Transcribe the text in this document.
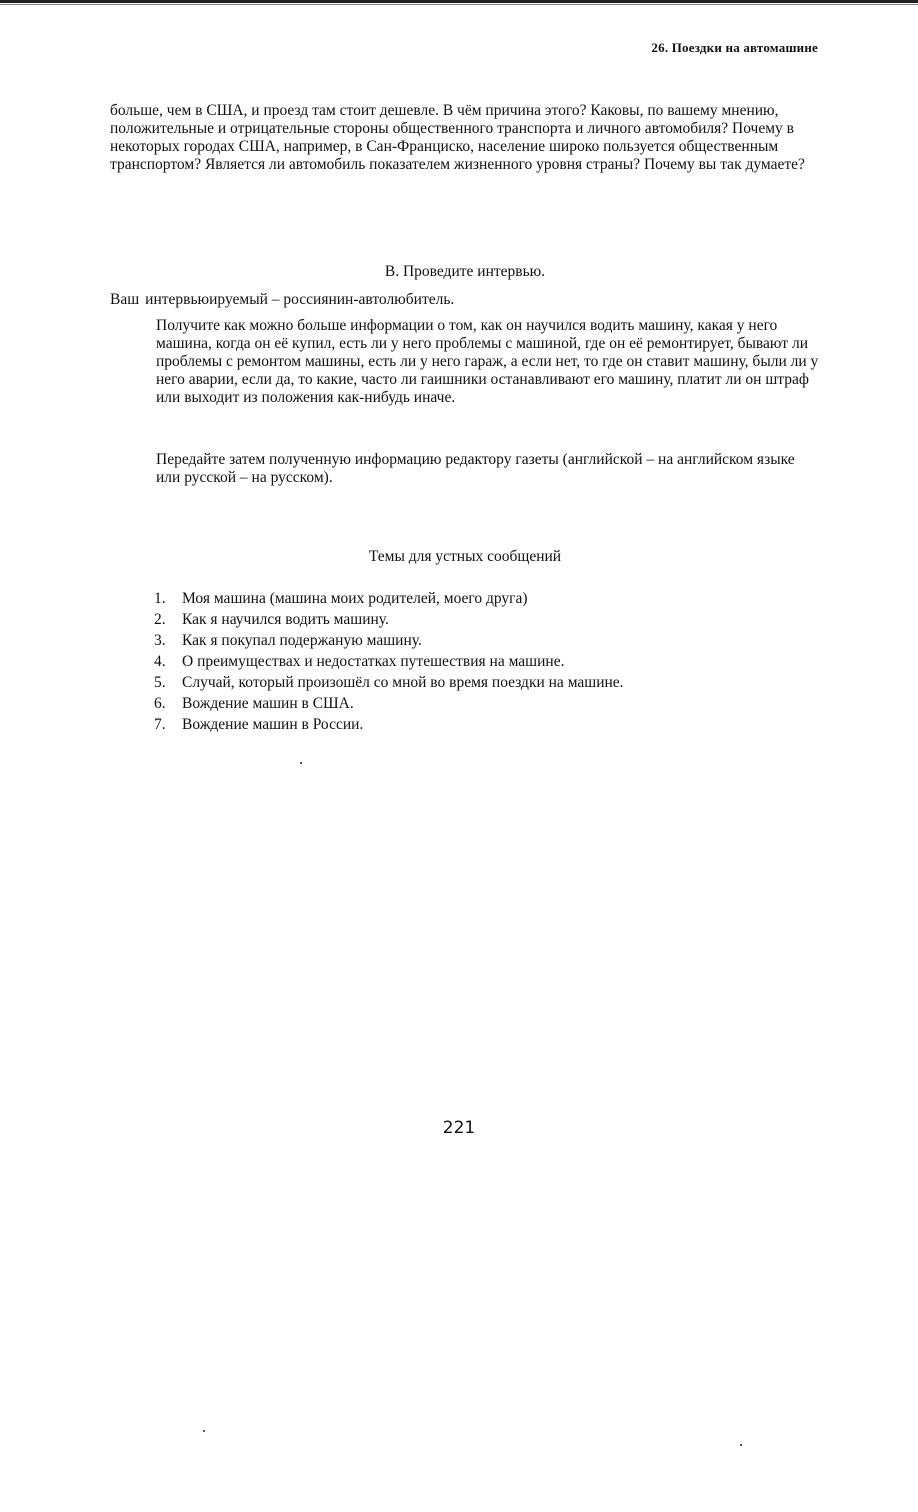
26. Поездки на автомашине
больше, чем в США, и проезд там стоит дешевле. В чём причина этого? Каковы, по вашему мнению, положительные и отрицательные стороны общественного транспорта и личного автомобиля? Почему в некоторых городах США, например, в Сан-Франциско, население широко пользуется общественным транспортом? Является ли автомобиль показателем жизненного уровня страны? Почему вы так думаете?
В. Проведите интервью.
Ваш интервьюируемый – россиянин-автолюбитель.
Получите как можно больше информации о том, как он научился водить машину, какая у него машина, когда он её купил, есть ли у него проблемы с машиной, где он её ремонтирует, бывают ли проблемы с ремонтом машины, есть ли у него гараж, а если нет, то где он ставит машину, были ли у него аварии, если да, то какие, часто ли гаишники останавливают его машину, платит ли он штраф или выходит из положения как-нибудь иначе.
Передайте затем полученную информацию редактору газеты (английской – на английском языке или русской – на русском).
Темы для устных сообщений
1. Моя машина (машина моих родителей, моего друга)
2. Как я научился водить машину.
3. Как я покупал подержаную машину.
4. О преимуществах и недостатках путешествия на машине.
5. Случай, который произошёл со мной во время поездки на машине.
6. Вождение машин в США.
7. Вождение машин в России.
221
